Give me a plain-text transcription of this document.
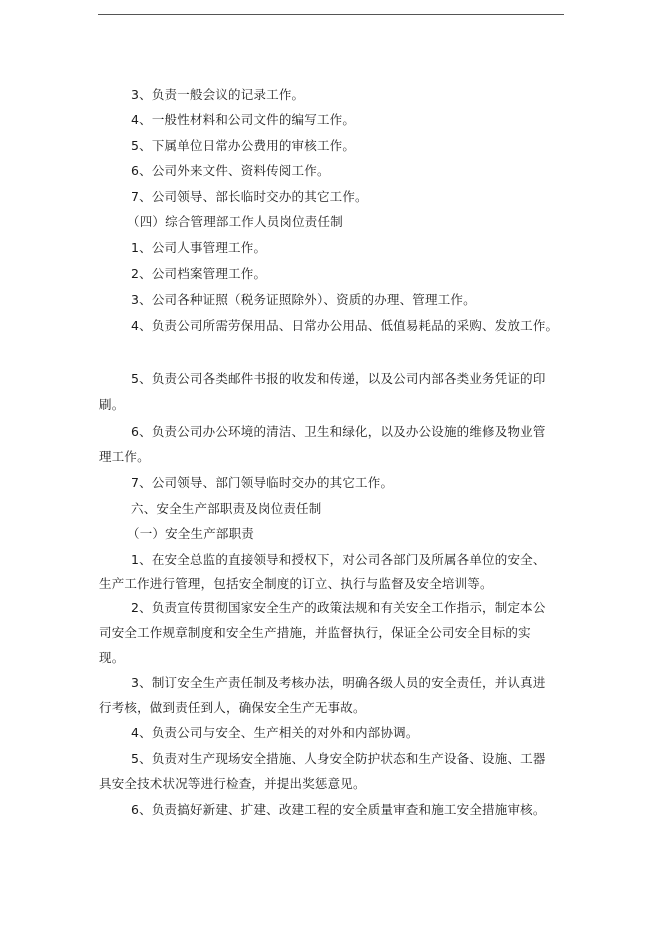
3、负责一般会议的记录工作。
4、一般性材料和公司文件的编写工作。
5、下属单位日常办公费用的审核工作。
6、公司外来文件、资料传阅工作。
7、公司领导、部长临时交办的其它工作。
（四）综合管理部工作人员岗位责任制
1、公司人事管理工作。
2、公司档案管理工作。
3、公司各种证照（税务证照除外）、资质的办理、管理工作。
4、负责公司所需劳保用品、日常办公用品、低值易耗品的采购、发放工作。
5、负责公司各类邮件书报的收发和传递，以及公司内部各类业务凭证的印
刷。
6、负责公司办公环境的清洁、卫生和绿化，以及办公设施的维修及物业管
理工作。
7、公司领导、部门领导临时交办的其它工作。
六、安全生产部职责及岗位责任制
（一）安全生产部职责
1、在安全总监的直接领导和授权下，对公司各部门及所属各单位的安全、
生产工作进行管理，包括安全制度的订立、执行与监督及安全培训等。
2、负责宣传贯彻国家安全生产的政策法规和有关安全工作指示，制定本公
司安全工作规章制度和安全生产措施，并监督执行，保证全公司安全目标的实
现。
3、制订安全生产责任制及考核办法，明确各级人员的安全责任，并认真进
行考核，做到责任到人，确保安全生产无事故。
4、负责公司与安全、生产相关的对外和内部协调。
5、负责对生产现场安全措施、人身安全防护状态和生产设备、设施、工器
具安全技术状况等进行检查，并提出奖惩意见。
6、负责搞好新建、扩建、改建工程的安全质量审查和施工安全措施审核。
